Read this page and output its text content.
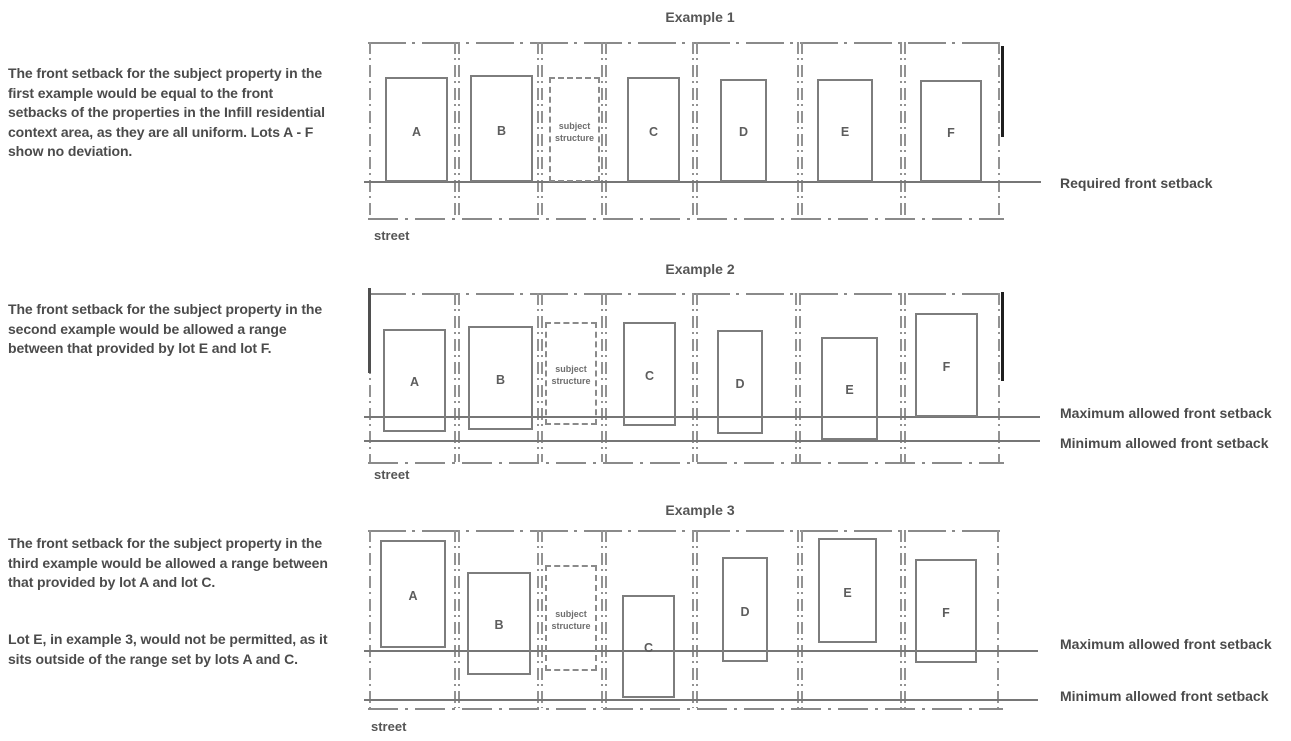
The front setback for the subject property in the first example would be equal to the front setbacks of the properties in the Infill residential context area, as they are all uniform. Lots A - F show no deviation.
The front setback for the subject property in the second example would be allowed a range between that provided by lot E and lot F.
The front setback for the subject property in the third example would be allowed a range between that provided by lot A and lot C.
Lot E, in example 3, would not be permitted, as it sits outside of the range set by lots A and C.
Example 1
street
Required front setback
A	B	subject structure	C	D	E	F
Example 2
street
Maximum allowed front setback
Minimum allowed front setback
A	B
subject structure	C
D	E
F
Example 3
street
Maximum allowed front setback
Minimum allowed front setback
A
B
subject structure
C
D
E
F
